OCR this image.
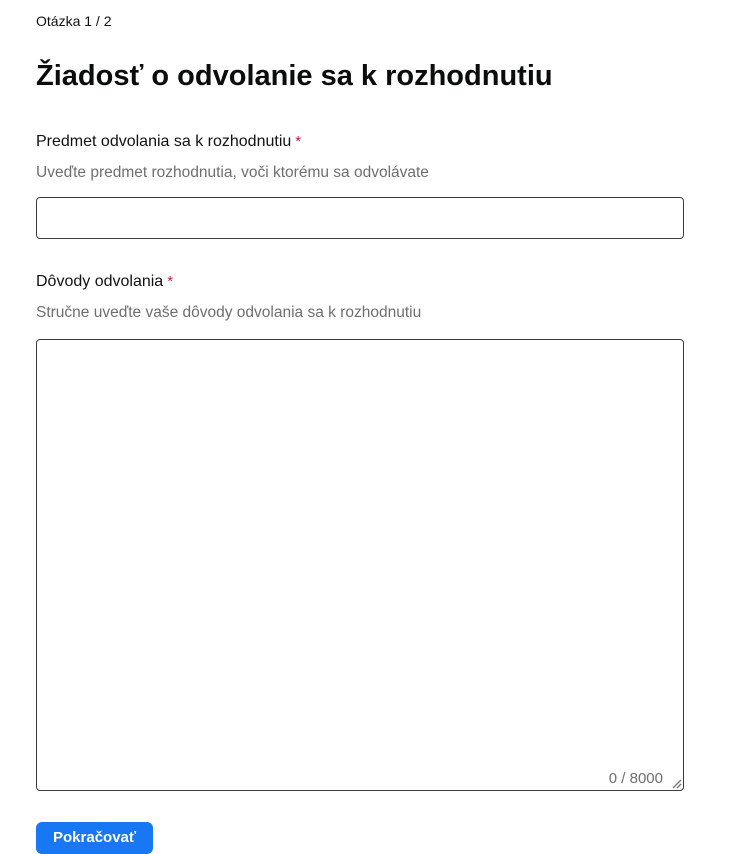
Otázka 1 / 2
Žiadosť o odvolanie sa k rozhodnutiu
Predmet odvolania sa k rozhodnutiu *
Uveďte predmet rozhodnutia, voči ktorému sa odvolávate
Dôvody odvolania *
Stručne uveďte vaše dôvody odvolania sa k rozhodnutiu
0 / 8000
Pokračovať
